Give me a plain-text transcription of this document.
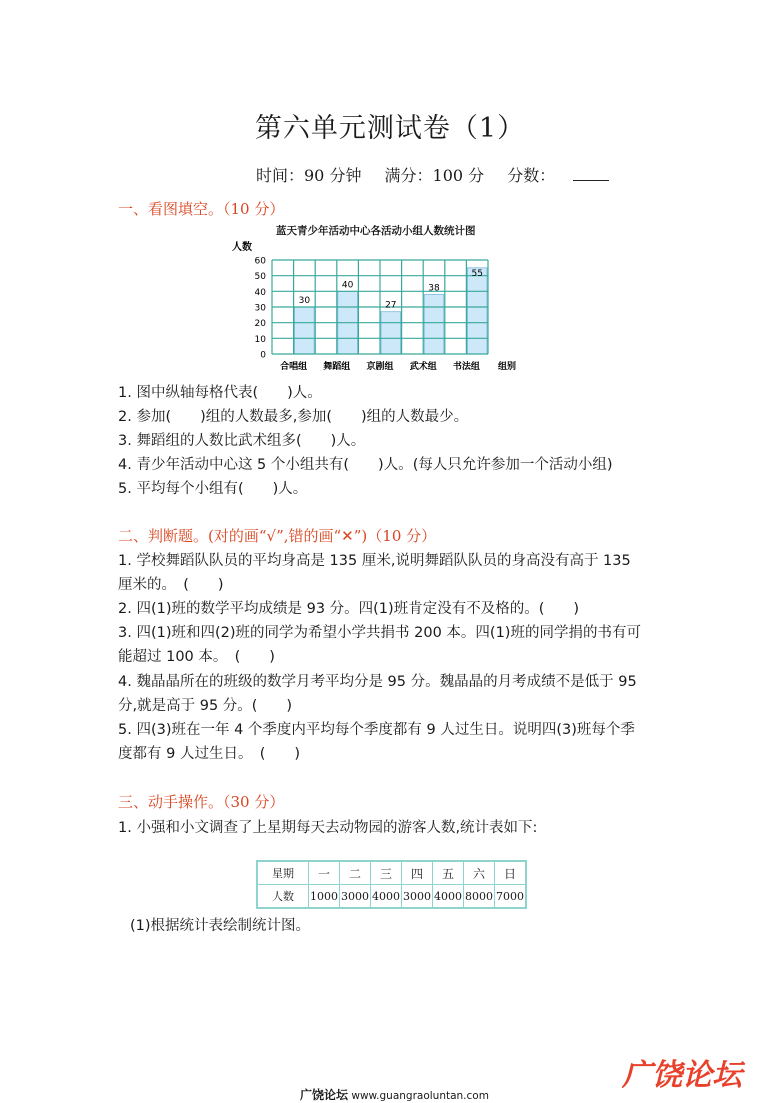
第六单元测试卷（1）
时间：90 分钟 满分：100 分 分数：
一、看图填空。（10 分）
蓝天青少年活动中心各活动小组人数统计图
人数
组别
0
10
20
30
40
50
60
30
合唱组
40
舞蹈组
27
京剧组
38
武术组
55
书法组
1. 图中纵轴每格代表(　　)人。
2. 参加(　　)组的人数最多,参加(　　)组的人数最少。
3. 舞蹈组的人数比武术组多(　　)人。
4. 青少年活动中心这 5 个小组共有(　　)人。(每人只允许参加一个活动小组)
5. 平均每个小组有(　　)人。
二、判断题。(对的画“√”,错的画“✕”)（10 分）
1. 学校舞蹈队队员的平均身高是 135 厘米,说明舞蹈队队员的身高没有高于 135
厘米的。　(　　)
2. 四(1)班的数学平均成绩是 93 分。四(1)班肯定没有不及格的。(　　)
3. 四(1)班和四(2)班的同学为希望小学共捐书 200 本。四(1)班的同学捐的书有可
能超过 100 本。　(　　)
4. 魏晶晶所在的班级的数学月考平均分是 95 分。魏晶晶的月考成绩不是低于 95
分,就是高于 95 分。(　　)
5. 四(3)班在一年 4 个季度内平均每个季度都有 9 人过生日。说明四(3)班每个季
度都有 9 人过生日。　(　　)
三、动手操作。（30 分）
1. 小强和小文调查了上星期每天去动物园的游客人数,统计表如下:
星期	一	二	三	四	五	六	日
人数	1000	3000	4000	3000	4000	8000	7000
(1)根据统计表绘制统计图。
广饶论坛 www.guangraoluntan.com
广饶论坛
